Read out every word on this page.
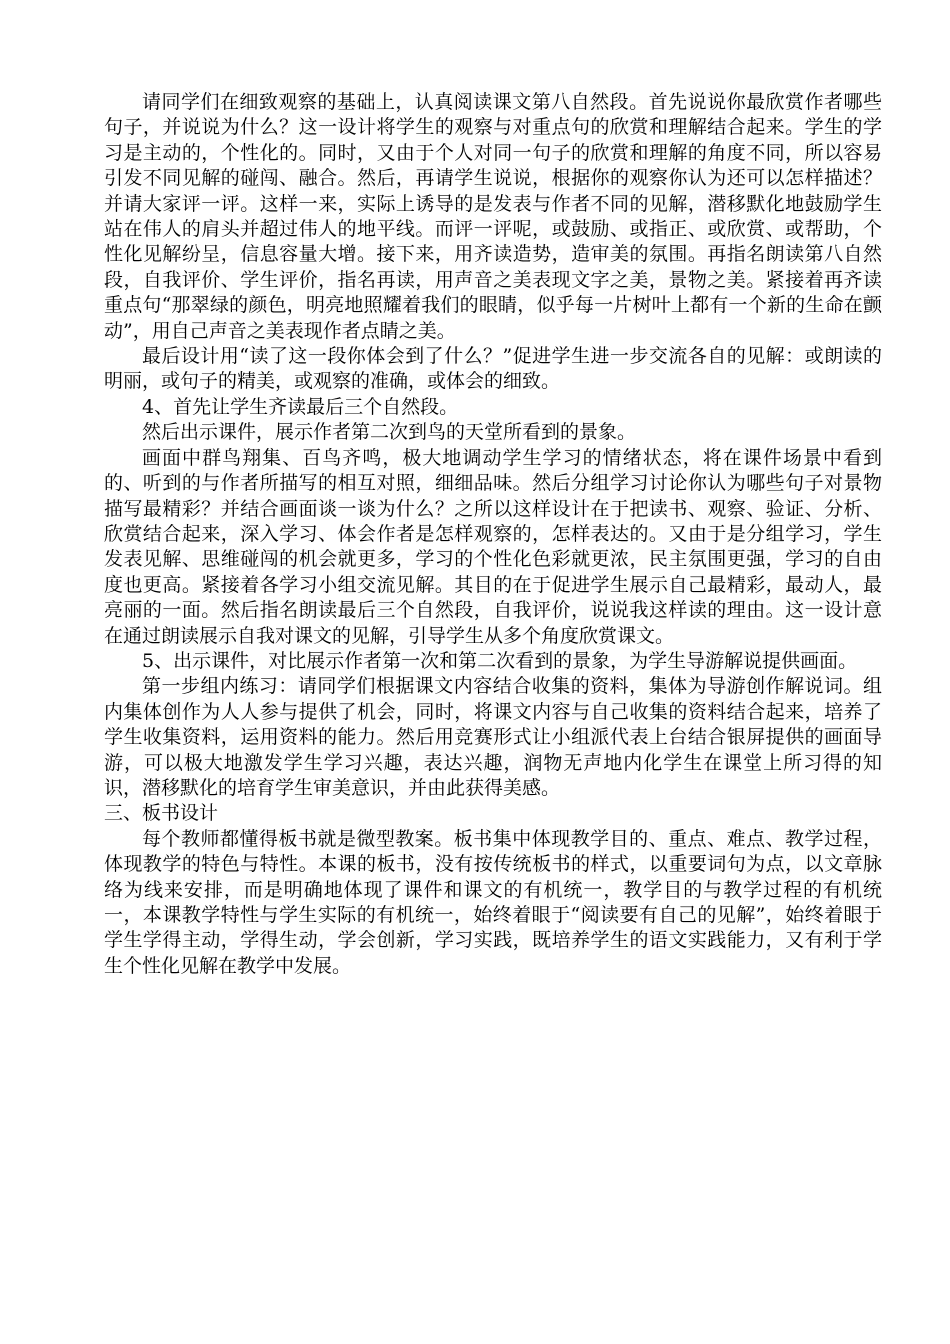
请同学们在细致观察的基础上，认真阅读课文第八自然段。首先说说你最欣赏作者哪些句子，并说说为什么？这一设计将学生的观察与对重点句的欣赏和理解结合起来。学生的学习是主动的，个性化的。同时，又由于个人对同一句子的欣赏和理解的角度不同，所以容易引发不同见解的碰闯、融合。然后，再请学生说说，根据你的观察你认为还可以怎样描述？并请大家评一评。这样一来，实际上诱导的是发表与作者不同的见解，潜移默化地鼓励学生站在伟人的肩头并超过伟人的地平线。而评一评呢，或鼓励、或指正、或欣赏、或帮助，个性化见解纷呈，信息容量大增。接下来，用齐读造势，造审美的氛围。再指名朗读第八自然段，自我评价、学生评价，指名再读，用声音之美表现文字之美，景物之美。紧接着再齐读重点句“那翠绿的颜色，明亮地照耀着我们的眼睛，似乎每一片树叶上都有一个新的生命在颤动”，用自己声音之美表现作者点睛之美。

最后设计用“读了这一段你体会到了什么？”促进学生进一步交流各自的见解：或朗读的明丽，或句子的精美，或观察的准确，或体会的细致。

4、首先让学生齐读最后三个自然段。

然后出示课件，展示作者第二次到鸟的天堂所看到的景象。

画面中群鸟翔集、百鸟齐鸣，极大地调动学生学习的情绪状态，将在课件场景中看到的、听到的与作者所描写的相互对照，细细品味。然后分组学习讨论你认为哪些句子对景物描写最精彩？并结合画面谈一谈为什么？之所以这样设计在于把读书、观察、验证、分析、欣赏结合起来，深入学习、体会作者是怎样观察的，怎样表达的。又由于是分组学习，学生发表见解、思维碰闯的机会就更多，学习的个性化色彩就更浓，民主氛围更强，学习的自由度也更高。紧接着各学习小组交流见解。其目的在于促进学生展示自己最精彩，最动人，最亮丽的一面。然后指名朗读最后三个自然段，自我评价，说说我这样读的理由。这一设计意在通过朗读展示自我对课文的见解，引导学生从多个角度欣赏课文。

5、出示课件，对比展示作者第一次和第二次看到的景象，为学生导游解说提供画面。

第一步组内练习：请同学们根据课文内容结合收集的资料，集体为导游创作解说词。组内集体创作为人人参与提供了机会，同时，将课文内容与自己收集的资料结合起来，培养了学生收集资料，运用资料的能力。然后用竞赛形式让小组派代表上台结合银屏提供的画面导游，可以极大地激发学生学习兴趣，表达兴趣，润物无声地内化学生在课堂上所习得的知识，潜移默化的培育学生审美意识，并由此获得美感。

三、板书设计

每个教师都懂得板书就是微型教案。板书集中体现教学目的、重点、难点、教学过程，体现教学的特色与特性。本课的板书，没有按传统板书的样式，以重要词句为点，以文章脉络为线来安排，而是明确地体现了课件和课文的有机统一，教学目的与教学过程的有机统一，本课教学特性与学生实际的有机统一，始终着眼于“阅读要有自己的见解”，始终着眼于学生学得主动，学得生动，学会创新，学习实践，既培养学生的语文实践能力，又有利于学生个性化见解在教学中发展。
